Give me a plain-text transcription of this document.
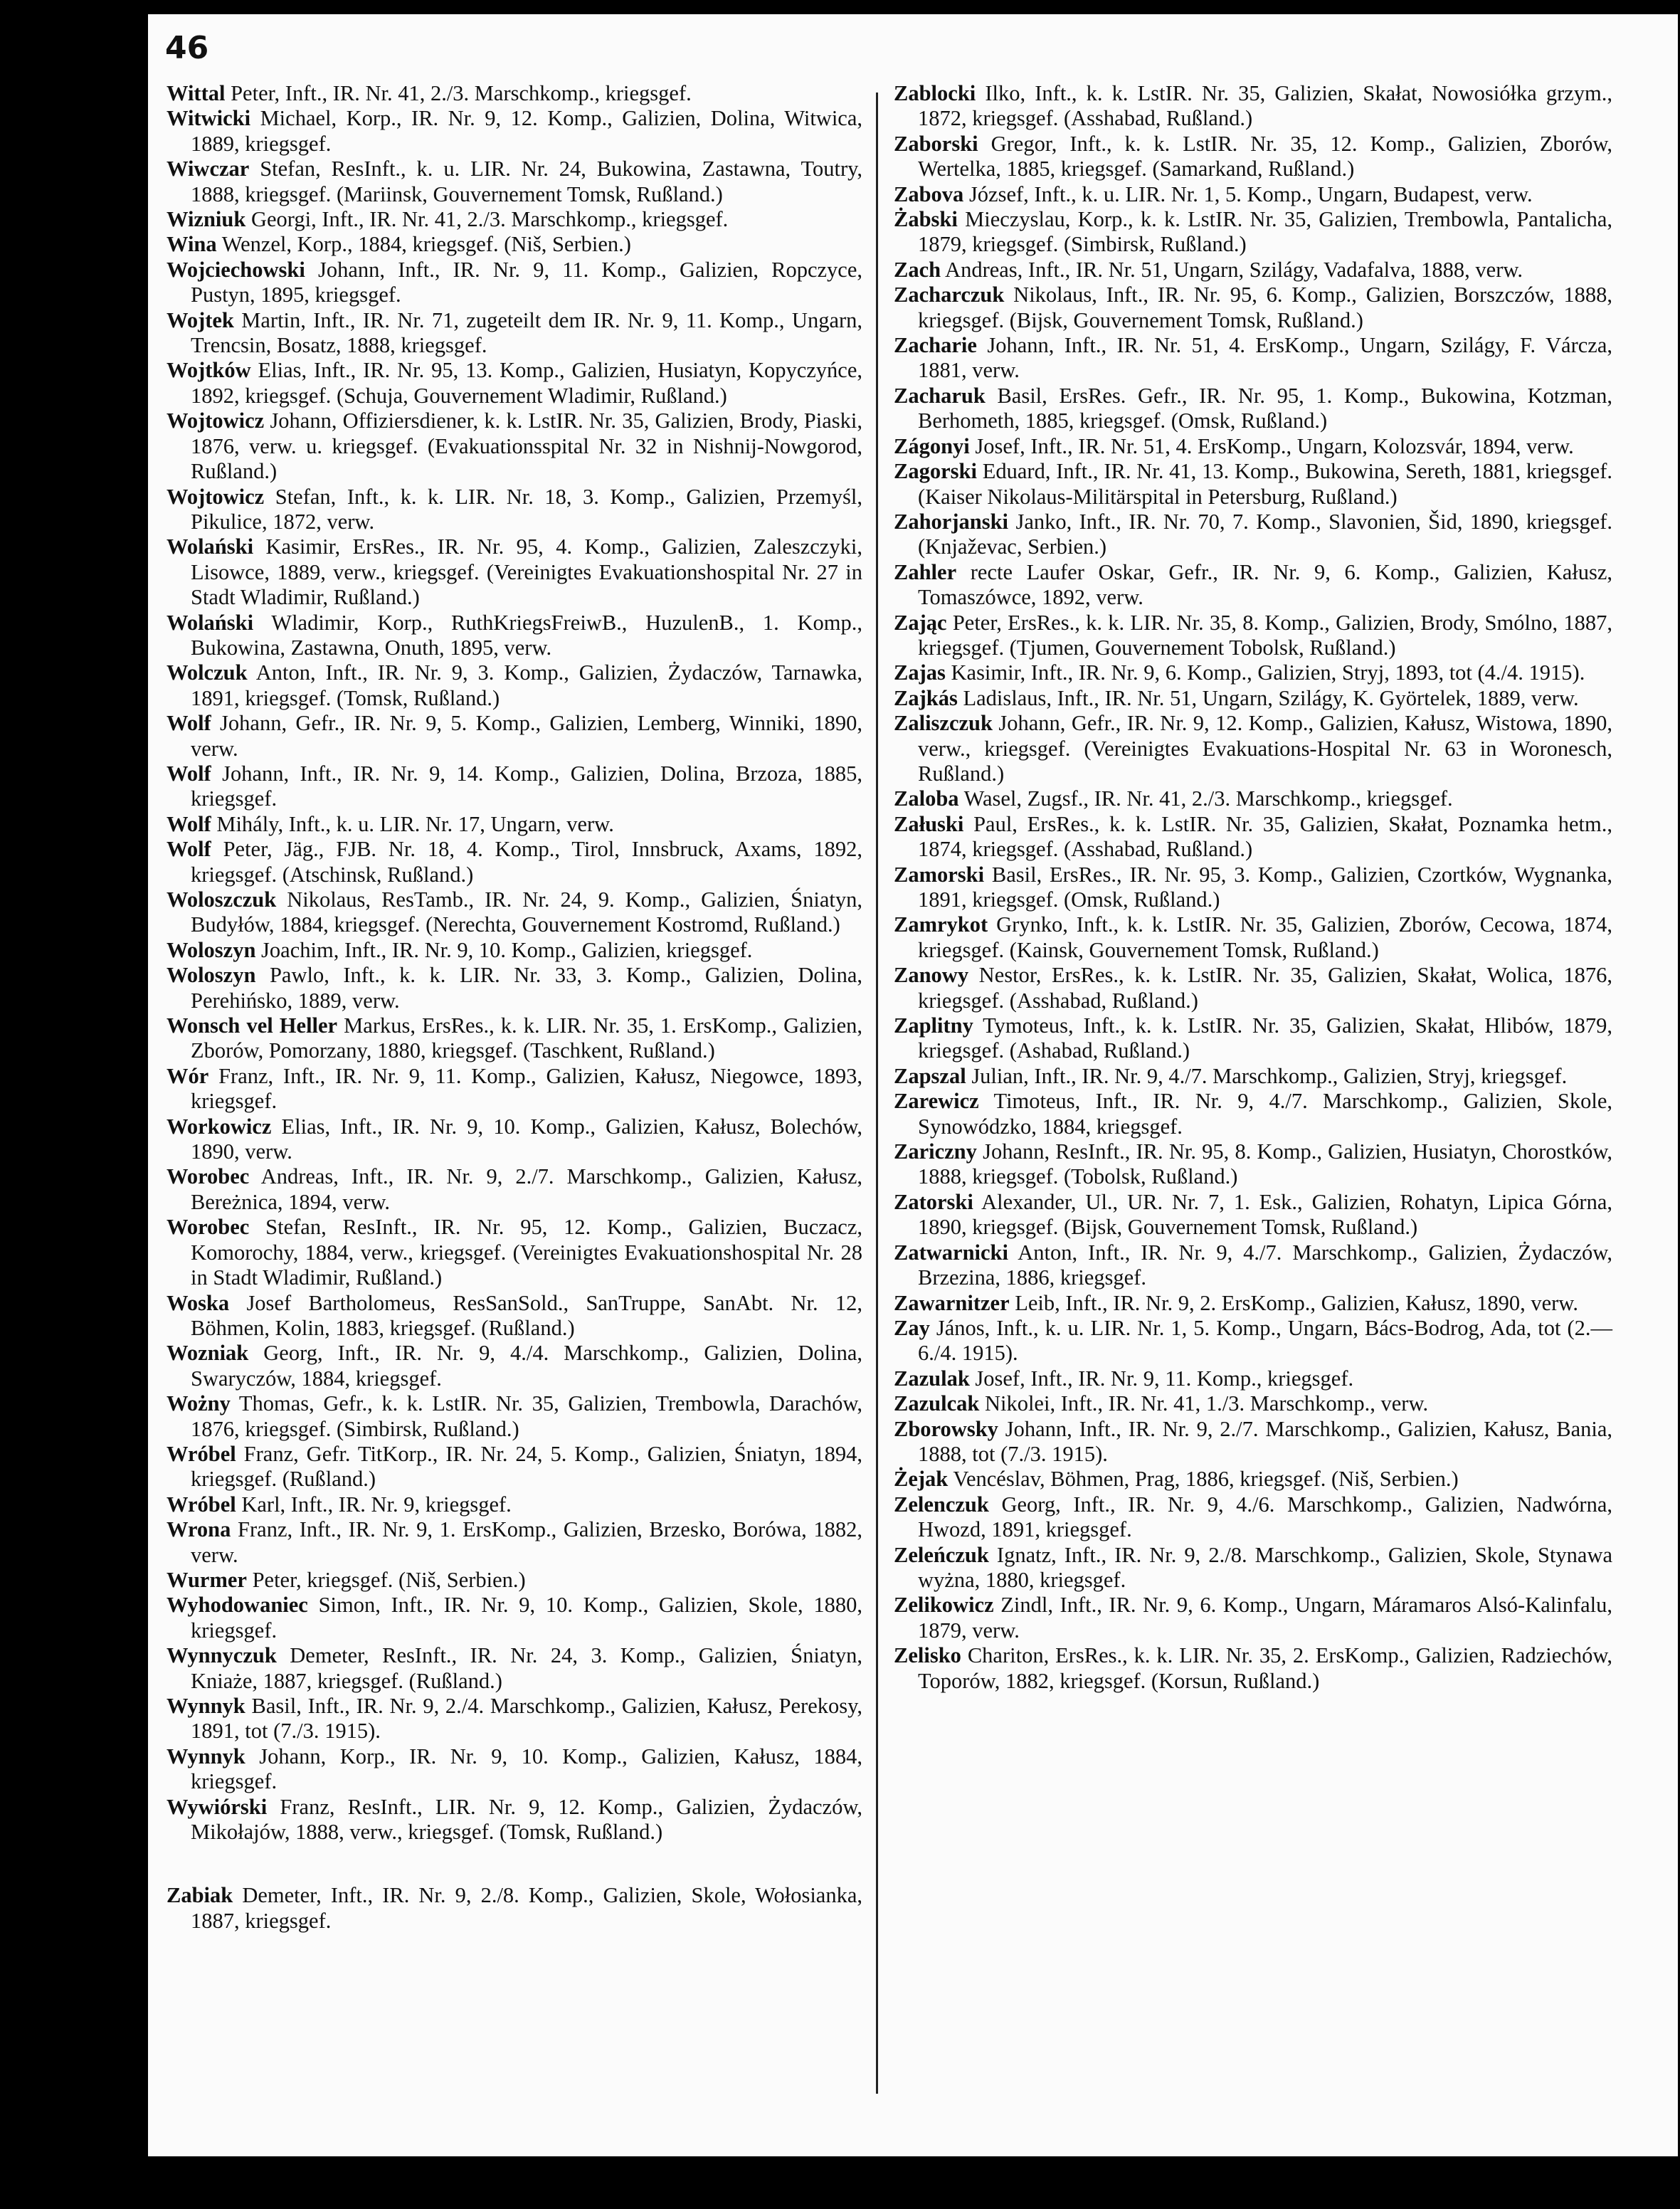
46
Wittal Peter, Inft., IR. Nr. 41, 2./3. Marschkomp., kriegsgef.
Witwicki Michael, Korp., IR. Nr. 9, 12. Komp., Galizien, Dolina, Witwica, 1889, kriegsgef.
Wiwczar Stefan, ResInft., k. u. LIR. Nr. 24, Bukowina, Zastawna, Toutry, 1888, kriegsgef. (Mariinsk, Gouvernement Tomsk, Rußland.)
Wizniuk Georgi, Inft., IR. Nr. 41, 2./3. Marschkomp., kriegsgef.
Wina Wenzel, Korp., 1884, kriegsgef. (Niš, Serbien.)
Wojciechowski Johann, Inft., IR. Nr. 9, 11. Komp., Galizien, Ropczyce, Pustyn, 1895, kriegsgef.
Wojtek Martin, Inft., IR. Nr. 71, zugeteilt dem IR. Nr. 9, 11. Komp., Ungarn, Trencsin, Bosatz, 1888, kriegsgef.
Wojtków Elias, Inft., IR. Nr. 95, 13. Komp., Galizien, Husiatyn, Kopyczyńce, 1892, kriegsgef. (Schuja, Gouvernement Wladimir, Rußland.)
Wojtowicz Johann, Offiziersdiener, k. k. LstIR. Nr. 35, Galizien, Brody, Piaski, 1876, verw. u. kriegsgef. (Evakuationsspital Nr. 32 in Nishnij-Nowgorod, Rußland.)
Wojtowicz Stefan, Inft., k. k. LIR. Nr. 18, 3. Komp., Galizien, Przemyśl, Pikulice, 1872, verw.
Wolański Kasimir, ErsRes., IR. Nr. 95, 4. Komp., Galizien, Zaleszczyki, Lisowce, 1889, verw., kriegsgef. (Vereinigtes Evakuationshospital Nr. 27 in Stadt Wladimir, Rußland.)
Wolański Wladimir, Korp., RuthKriegsFreiwB., HuzulenB., 1. Komp., Bukowina, Zastawna, Onuth, 1895, verw.
Wolczuk Anton, Inft., IR. Nr. 9, 3. Komp., Galizien, Żydaczów, Tarnawka, 1891, kriegsgef. (Tomsk, Rußland.)
Wolf Johann, Gefr., IR. Nr. 9, 5. Komp., Galizien, Lemberg, Winniki, 1890, verw.
Wolf Johann, Inft., IR. Nr. 9, 14. Komp., Galizien, Dolina, Brzoza, 1885, kriegsgef.
Wolf Mihály, Inft., k. u. LIR. Nr. 17, Ungarn, verw.
Wolf Peter, Jäg., FJB. Nr. 18, 4. Komp., Tirol, Innsbruck, Axams, 1892, kriegsgef. (Atschinsk, Rußland.)
Woloszczuk Nikolaus, ResTamb., IR. Nr. 24, 9. Komp., Galizien, Śniatyn, Budyłów, 1884, kriegsgef. (Nerechta, Gouvernement Kostromd, Rußland.)
Woloszyn Joachim, Inft., IR. Nr. 9, 10. Komp., Galizien, kriegsgef.
Woloszyn Pawlo, Inft., k. k. LIR. Nr. 33, 3. Komp., Galizien, Dolina, Perehińsko, 1889, verw.
Wonsch vel Heller Markus, ErsRes., k. k. LIR. Nr. 35, 1. ErsKomp., Galizien, Zborów, Pomorzany, 1880, kriegsgef. (Taschkent, Rußland.)
Wór Franz, Inft., IR. Nr. 9, 11. Komp., Galizien, Kałusz, Niegowce, 1893, kriegsgef.
Workowicz Elias, Inft., IR. Nr. 9, 10. Komp., Galizien, Kałusz, Bolechów, 1890, verw.
Worobec Andreas, Inft., IR. Nr. 9, 2./7. Marschkomp., Galizien, Kałusz, Bereżnica, 1894, verw.
Worobec Stefan, ResInft., IR. Nr. 95, 12. Komp., Galizien, Buczacz, Komorochy, 1884, verw., kriegsgef. (Vereinigtes Evakuationshospital Nr. 28 in Stadt Wladimir, Rußland.)
Woska Josef Bartholomeus, ResSanSold., SanTruppe, SanAbt. Nr. 12, Böhmen, Kolin, 1883, kriegsgef. (Rußland.)
Wozniak Georg, Inft., IR. Nr. 9, 4./4. Marschkomp., Galizien, Dolina, Swaryczów, 1884, kriegsgef.
Wożny Thomas, Gefr., k. k. LstIR. Nr. 35, Galizien, Trembowla, Darachów, 1876, kriegsgef. (Simbirsk, Rußland.)
Wróbel Franz, Gefr. TitKorp., IR. Nr. 24, 5. Komp., Galizien, Śniatyn, 1894, kriegsgef. (Rußland.)
Wróbel Karl, Inft., IR. Nr. 9, kriegsgef.
Wrona Franz, Inft., IR. Nr. 9, 1. ErsKomp., Galizien, Brzesko, Borówa, 1882, verw.
Wurmer Peter, kriegsgef. (Niš, Serbien.)
Wyhodowaniec Simon, Inft., IR. Nr. 9, 10. Komp., Galizien, Skole, 1880, kriegsgef.
Wynnyczuk Demeter, ResInft., IR. Nr. 24, 3. Komp., Galizien, Śniatyn, Kniaże, 1887, kriegsgef. (Rußland.)
Wynnyk Basil, Inft., IR. Nr. 9, 2./4. Marschkomp., Galizien, Kałusz, Perekosy, 1891, tot (7./3. 1915).
Wynnyk Johann, Korp., IR. Nr. 9, 10. Komp., Galizien, Kałusz, 1884, kriegsgef.
Wywiórski Franz, ResInft., LIR. Nr. 9, 12. Komp., Galizien, Żydaczów, Mikołajów, 1888, verw., kriegsgef. (Tomsk, Rußland.)
Zabiak Demeter, Inft., IR. Nr. 9, 2./8. Komp., Galizien, Skole, Wołosianka, 1887, kriegsgef.
Zablocki Ilko, Inft., k. k. LstIR. Nr. 35, Galizien, Skałat, Nowosiółka grzym., 1872, kriegsgef. (Asshabad, Rußland.)
Zaborski Gregor, Inft., k. k. LstIR. Nr. 35, 12. Komp., Galizien, Zborów, Wertelka, 1885, kriegsgef. (Samarkand, Rußland.)
Zabova József, Inft., k. u. LIR. Nr. 1, 5. Komp., Ungarn, Budapest, verw.
Żabski Mieczyslau, Korp., k. k. LstIR. Nr. 35, Galizien, Trembowla, Pantalicha, 1879, kriegsgef. (Simbirsk, Rußland.)
Zach Andreas, Inft., IR. Nr. 51, Ungarn, Szilágy, Vadafalva, 1888, verw.
Zacharczuk Nikolaus, Inft., IR. Nr. 95, 6. Komp., Galizien, Borszczów, 1888, kriegsgef. (Bijsk, Gouvernement Tomsk, Rußland.)
Zacharie Johann, Inft., IR. Nr. 51, 4. ErsKomp., Ungarn, Szilágy, F. Várcza, 1881, verw.
Zacharuk Basil, ErsRes. Gefr., IR. Nr. 95, 1. Komp., Bukowina, Kotzman, Berhometh, 1885, kriegsgef. (Omsk, Rußland.)
Zágonyi Josef, Inft., IR. Nr. 51, 4. ErsKomp., Ungarn, Kolozsvár, 1894, verw.
Zagorski Eduard, Inft., IR. Nr. 41, 13. Komp., Bukowina, Sereth, 1881, kriegsgef. (Kaiser Nikolaus-Militärspital in Petersburg, Rußland.)
Zahorjanski Janko, Inft., IR. Nr. 70, 7. Komp., Slavonien, Šid, 1890, kriegsgef. (Knjaževac, Serbien.)
Zahler recte Laufer Oskar, Gefr., IR. Nr. 9, 6. Komp., Galizien, Kałusz, Tomaszówce, 1892, verw.
Zając Peter, ErsRes., k. k. LIR. Nr. 35, 8. Komp., Galizien, Brody, Smólno, 1887, kriegsgef. (Tjumen, Gouvernement Tobolsk, Rußland.)
Zajas Kasimir, Inft., IR. Nr. 9, 6. Komp., Galizien, Stryj, 1893, tot (4./4. 1915).
Zajkás Ladislaus, Inft., IR. Nr. 51, Ungarn, Szilágy, K. Györtelek, 1889, verw.
Zaliszczuk Johann, Gefr., IR. Nr. 9, 12. Komp., Galizien, Kałusz, Wistowa, 1890, verw., kriegsgef. (Vereinigtes Evakuations-Hospital Nr. 63 in Woronesch, Rußland.)
Zaloba Wasel, Zugsf., IR. Nr. 41, 2./3. Marschkomp., kriegsgef.
Załuski Paul, ErsRes., k. k. LstIR. Nr. 35, Galizien, Skałat, Poznamka hetm., 1874, kriegsgef. (Asshabad, Rußland.)
Zamorski Basil, ErsRes., IR. Nr. 95, 3. Komp., Galizien, Czortków, Wygnanka, 1891, kriegsgef. (Omsk, Rußland.)
Zamrykot Grynko, Inft., k. k. LstIR. Nr. 35, Galizien, Zborów, Cecowa, 1874, kriegsgef. (Kainsk, Gouvernement Tomsk, Rußland.)
Zanowy Nestor, ErsRes., k. k. LstIR. Nr. 35, Galizien, Skałat, Wolica, 1876, kriegsgef. (Asshabad, Rußland.)
Zaplitny Tymoteus, Inft., k. k. LstIR. Nr. 35, Galizien, Skałat, Hlibów, 1879, kriegsgef. (Ashabad, Rußland.)
Zapszal Julian, Inft., IR. Nr. 9, 4./7. Marschkomp., Galizien, Stryj, kriegsgef.
Zarewicz Timoteus, Inft., IR. Nr. 9, 4./7. Marschkomp., Galizien, Skole, Synowódzko, 1884, kriegsgef.
Zariczny Johann, ResInft., IR. Nr. 95, 8. Komp., Galizien, Husiatyn, Chorostków, 1888, kriegsgef. (Tobolsk, Rußland.)
Zatorski Alexander, Ul., UR. Nr. 7, 1. Esk., Galizien, Rohatyn, Lipica Górna, 1890, kriegsgef. (Bijsk, Gouvernement Tomsk, Rußland.)
Zatwarnicki Anton, Inft., IR. Nr. 9, 4./7. Marschkomp., Galizien, Żydaczów, Brzezina, 1886, kriegsgef.
Zawarnitzer Leib, Inft., IR. Nr. 9, 2. ErsKomp., Galizien, Kałusz, 1890, verw.
Zay János, Inft., k. u. LIR. Nr. 1, 5. Komp., Ungarn, Bács-Bodrog, Ada, tot (2.—6./4. 1915).
Zazulak Josef, Inft., IR. Nr. 9, 11. Komp., kriegsgef.
Zazulcak Nikolei, Inft., IR. Nr. 41, 1./3. Marschkomp., verw.
Zborowsky Johann, Inft., IR. Nr. 9, 2./7. Marschkomp., Galizien, Kałusz, Bania, 1888, tot (7./3. 1915).
Żejak Vencéslav, Böhmen, Prag, 1886, kriegsgef. (Niš, Serbien.)
Zelenczuk Georg, Inft., IR. Nr. 9, 4./6. Marschkomp., Galizien, Nadwórna, Hwozd, 1891, kriegsgef.
Zeleńczuk Ignatz, Inft., IR. Nr. 9, 2./8. Marschkomp., Galizien, Skole, Stynawa wyżna, 1880, kriegsgef.
Zelikowicz Zindl, Inft., IR. Nr. 9, 6. Komp., Ungarn, Máramaros Alsó-Kalinfalu, 1879, verw.
Zelisko Chariton, ErsRes., k. k. LIR. Nr. 35, 2. ErsKomp., Galizien, Radziechów, Toporów, 1882, kriegsgef. (Korsun, Rußland.)
